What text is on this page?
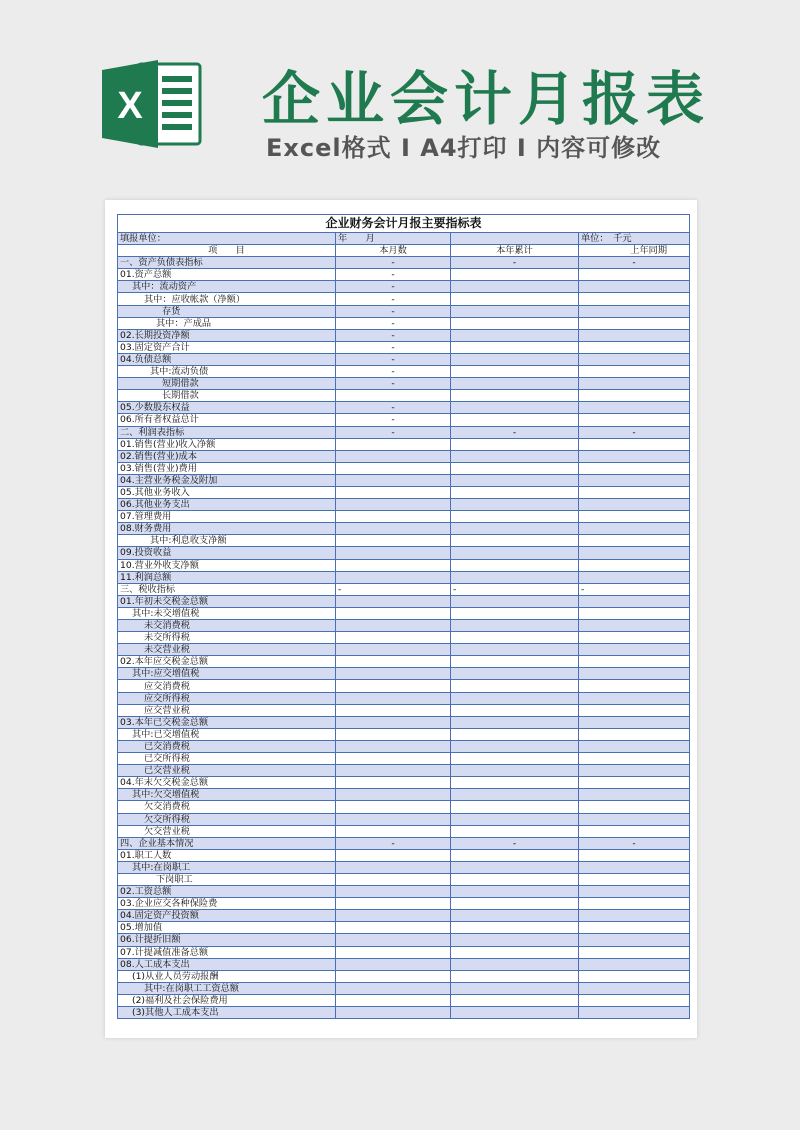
X 企业会计月报表
Excel格式 I A4打印 I 内容可修改
企业财务会计月报主要指标表			
填报单位：	年　　月		单位：　千元
项　　目	本月数	本年累计	上年同期
一、资产负债表指标	-	-	-
01.资产总额	-		
其中：流动资产	-		
其中：应收帐款（净额）	-		
存货	-		
其中：产成品	-		
02.长期投资净额	-		
03.固定资产合计	-		
04.负债总额	-		
其中:流动负债	-		
短期借款	-		
长期借款			
05.少数股东权益	-		
06.所有者权益总计	-		
二、利润表指标	-	-	-
01.销售(营业)收入净额			
02.销售(营业)成本			
03.销售(营业)费用			
04.主营业务税金及附加			
05.其他业务收入			
06.其他业务支出			
07.管理费用			
08.财务费用			
其中:利息收支净额			
09.投资收益			
10.营业外收支净额			
11.利润总额			
三、税收指标	-	-	-
01.年初未交税金总额			
其中:未交增值税			
未交消费税			
未交所得税			
未交营业税			
02.本年应交税金总额			
其中:应交增值税			
应交消费税			
应交所得税			
应交营业税			
03.本年已交税金总额			
其中:已交增值税			
已交消费税			
已交所得税			
已交营业税			
04.年末欠交税金总额			
其中:欠交增值税			
欠交消费税			
欠交所得税			
欠交营业税			
四、企业基本情况	-	-	-
01.职工人数			
其中:在岗职工			
下岗职工			
02.工资总额			
03.企业应交各种保险费			
04.固定资产投资额			
05.增加值			
06.计提折旧额			
07.计提减值准备总额			
08.人工成本支出			
(1)从业人员劳动报酬			
其中:在岗职工工资总额			
(2)福利及社会保险费用			
(3)其他人工成本支出			
